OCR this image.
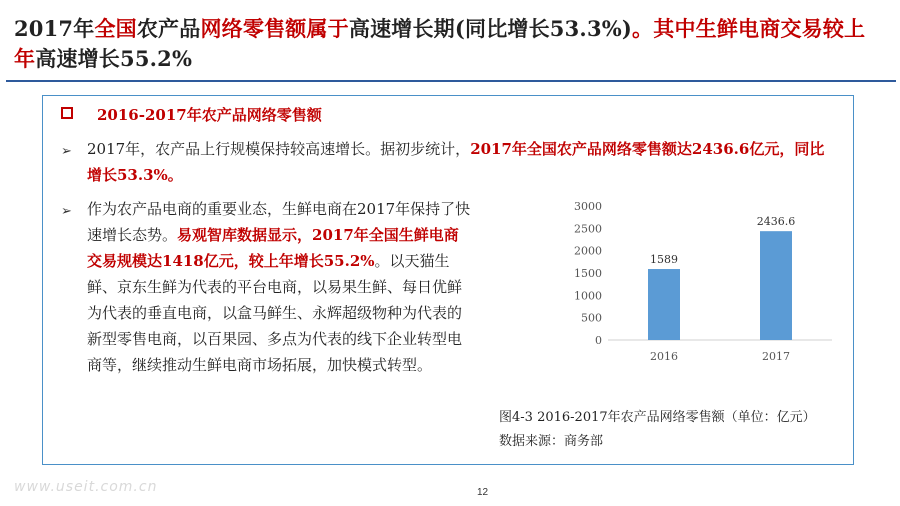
2017年全国农产品网络零售额属于高速增长期(同比增长53.3%)。其中生鲜电商交易较上年高速增长55.2%
2016-2017年农产品网络零售额
➢ 2017年，农产品上行规模保持较高速增长。据初步统计，2017年全国农产品网络零售额达2436.6亿元，同比增长53.3%。
➢ 作为农产品电商的重要业态，生鲜电商在2017年保持了快速增长态势。易观智库数据显示，2017年全国生鲜电商交易规模达1418亿元，较上年增长55.2%。以天猫生鲜、京东生鲜为代表的平台电商，以易果生鲜、每日优鲜为代表的垂直电商，以盒马鲜生、永辉超级物种为代表的新型零售电商，以百果园、多点为代表的线下企业转型电商等，继续推动生鲜电商市场拓展，加快模式转型。
0
500
1000
1500
2000
2500
3000
1589
2016
2436.6
2017
图4-3 2016-2017年农产品网络零售额（单位：亿元）
数据来源：商务部
www.useit.com.cn	12
